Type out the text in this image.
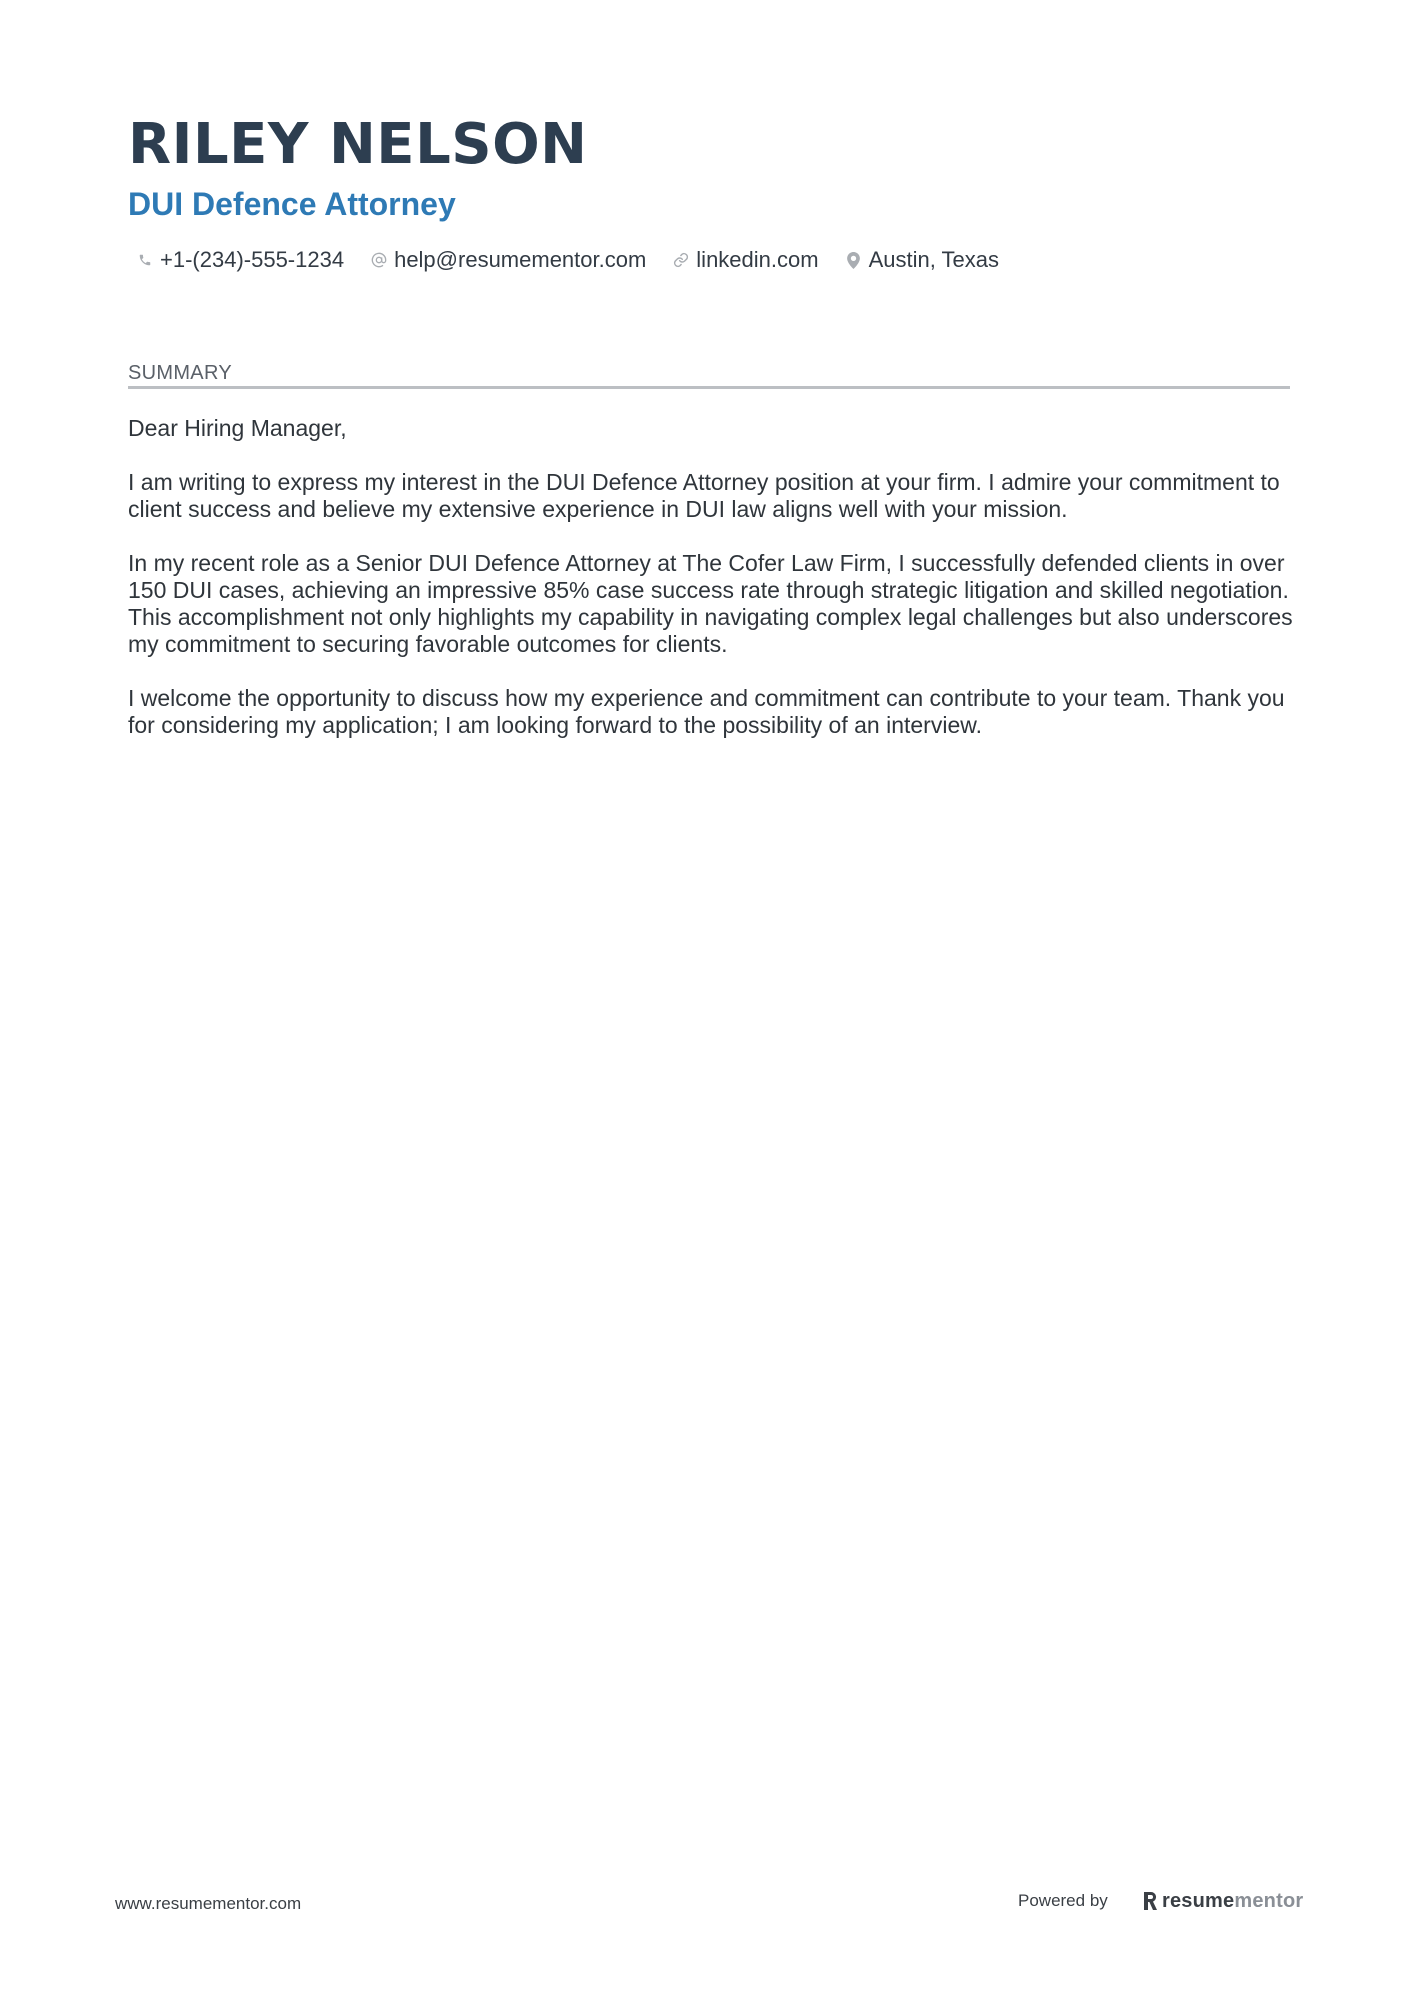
RILEY NELSON
DUI Defence Attorney
+1-(234)-555-1234 help@resumementor.com linkedin.com Austin, Texas
SUMMARY

Dear Hiring Manager,

I am writing to express my interest in the DUI Defence Attorney position at your firm. I admire your commitment to client success and believe my extensive experience in DUI law aligns well with your mission.

In my recent role as a Senior DUI Defence Attorney at The Cofer Law Firm, I successfully defended clients in over 150 DUI cases, achieving an impressive 85% case success rate through strategic litigation and skilled negotiation. This accomplishment not only highlights my capability in navigating complex legal challenges but also underscores my commitment to securing favorable outcomes for clients.

I welcome the opportunity to discuss how my experience and commitment can contribute to your team. Thank you for considering my application; I am looking forward to the possibility of an interview.

www.resumementor.com	Powered by	resumementor
